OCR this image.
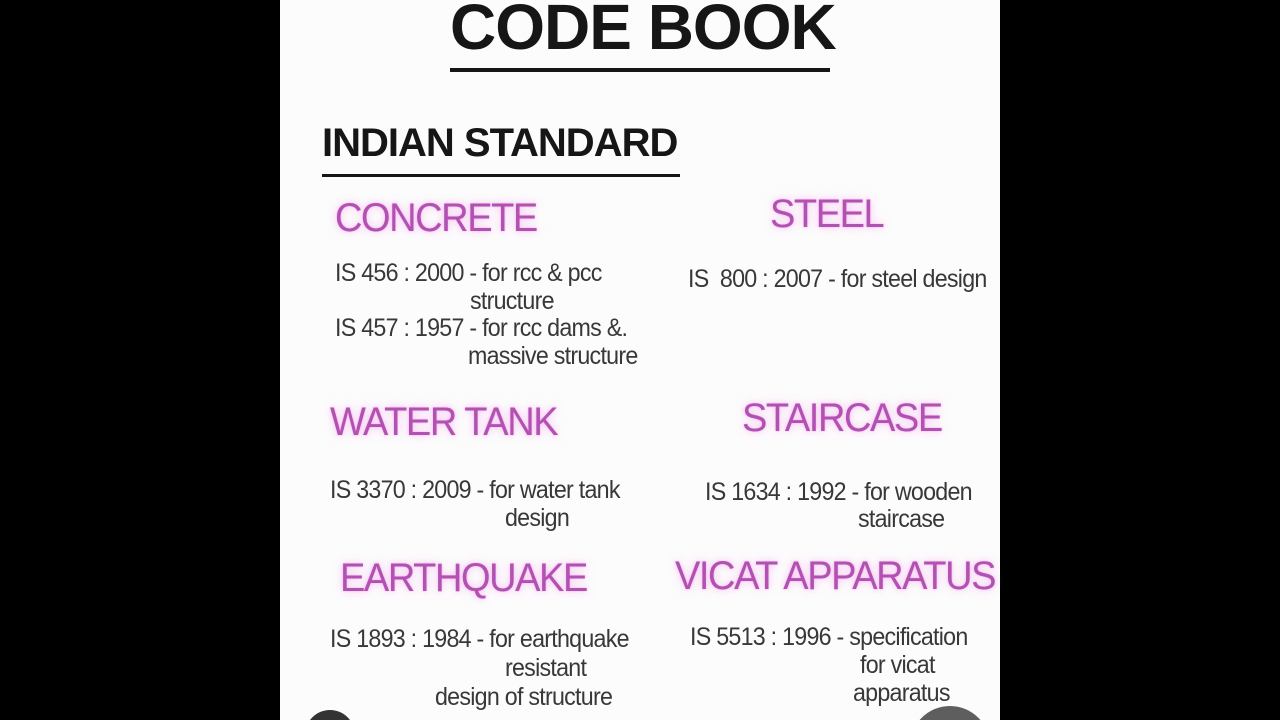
CODE BOOK
INDIAN STANDARD
CONCRETE
IS 456 : 2000 - for rcc & pcc
structure
IS 457 : 1957 - for rcc dams &.
massive structure
STEEL
IS  800 : 2007 - for steel design
WATER TANK
IS 3370 : 2009 - for water tank
design
STAIRCASE
IS 1634 : 1992 - for wooden
staircase
EARTHQUAKE
IS 1893 : 1984 - for earthquake
resistant
design of structure
VICAT APPARATUS
IS 5513 : 1996 - specification
for vicat
apparatus
